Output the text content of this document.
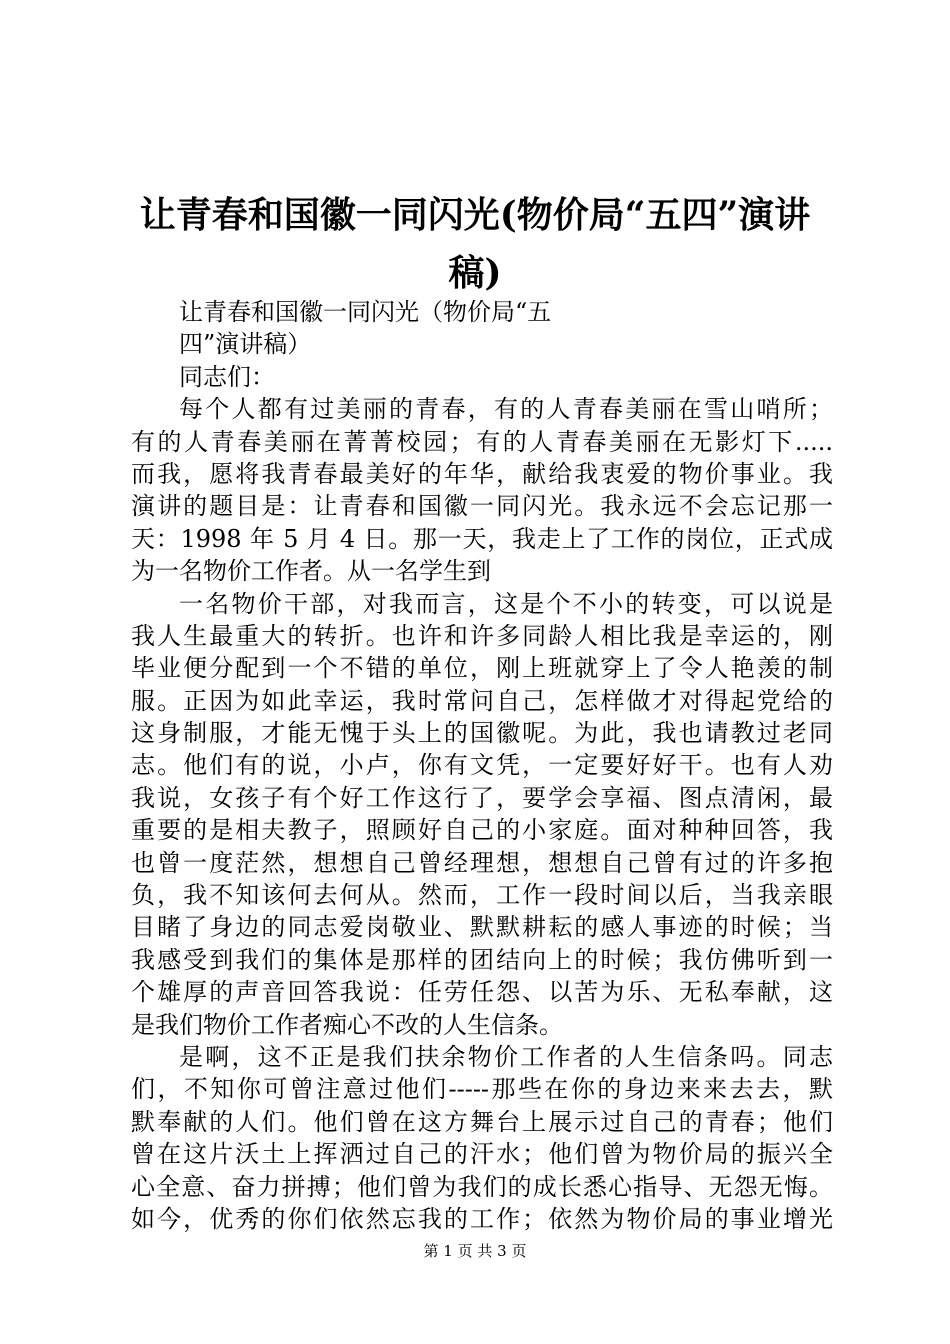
让青春和国徽一同闪光(物价局“五四”演讲
稿)
让青春和国徽一同闪光（物价局“五
四”演讲稿）
同志们：
每个人都有过美丽的青春，有的人青春美丽在雪山哨所；
有的人青春美丽在菁菁校园；有的人青春美丽在无影灯下.....
而我，愿将我青春最美好的年华，献给我衷爱的物价事业。我
演讲的题目是：让青春和国徽一同闪光。我永远不会忘记那一
天：1998 年 5 月 4 日。那一天，我走上了工作的岗位，正式成
为一名物价工作者。从一名学生到
一名物价干部，对我而言，这是个不小的转变，可以说是
我人生最重大的转折。也许和许多同龄人相比我是幸运的，刚
毕业便分配到一个不错的单位，刚上班就穿上了令人艳羡的制
服。正因为如此幸运，我时常问自己，怎样做才对得起党给的
这身制服，才能无愧于头上的国徽呢。为此，我也请教过老同
志。他们有的说，小卢，你有文凭，一定要好好干。也有人劝
我说，女孩子有个好工作这行了，要学会享福、图点清闲，最
重要的是相夫教子，照顾好自己的小家庭。面对种种回答，我
也曾一度茫然，想想自己曾经理想，想想自己曾有过的许多抱
负，我不知该何去何从。然而，工作一段时间以后，当我亲眼
目睹了身边的同志爱岗敬业、默默耕耘的感人事迹的时候；当
我感受到我们的集体是那样的团结向上的时候；我仿佛听到一
个雄厚的声音回答我说：任劳任怨、以苦为乐、无私奉献，这
是我们物价工作者痴心不改的人生信条。
是啊，这不正是我们扶余物价工作者的人生信条吗。同志
们，不知你可曾注意过他们-----那些在你的身边来来去去，默
默奉献的人们。他们曾在这方舞台上展示过自己的青春；他们
曾在这片沃土上挥洒过自己的汗水；他们曾为物价局的振兴全
心全意、奋力拼搏；他们曾为我们的成长悉心指导、无怨无悔。
如今，优秀的你们依然忘我的工作；依然为物价局的事业增光
第 1 页 共 3 页
